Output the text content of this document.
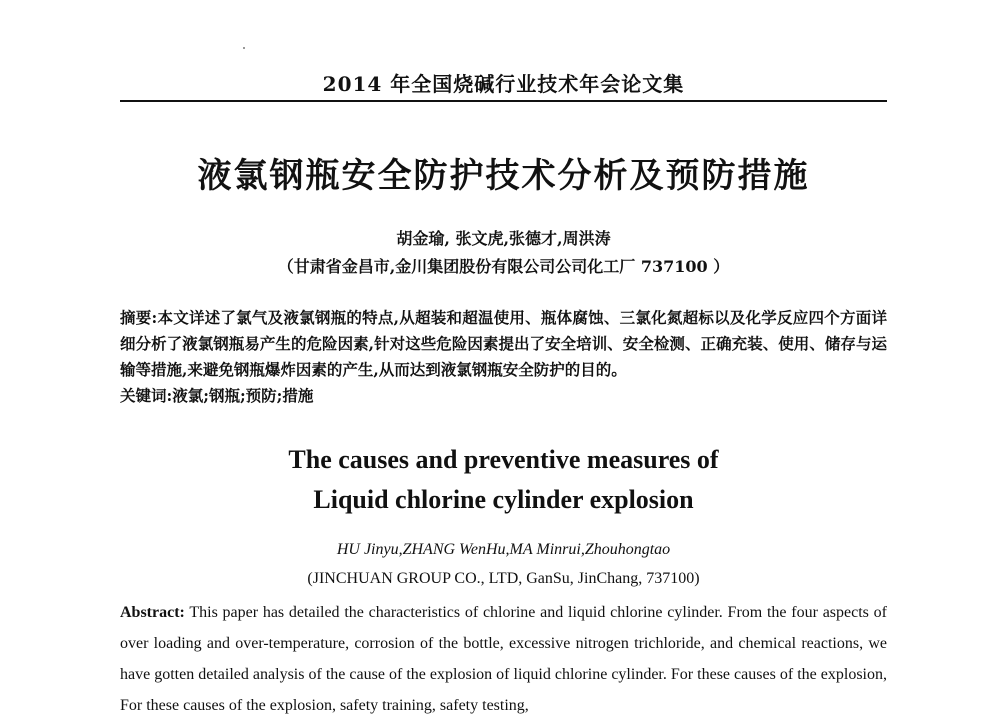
2014 年全国烧碱行业技术年会论文集
液氯钢瓶安全防护技术分析及预防措施
胡金瑜, 张文虎,张德才,周洪涛
（甘肃省金昌市,金川集团股份有限公司公司化工厂 737100 ）
摘要:本文详述了氯气及液氯钢瓶的特点,从超装和超温使用、瓶体腐蚀、三氯化氮超标以及化学反应四个方面详细分析了液氯钢瓶易产生的危险因素,针对这些危险因素提出了安全培训、安全检测、正确充装、使用、储存与运输等措施,来避免钢瓶爆炸因素的产生,从而达到液氯钢瓶安全防护的目的。
关键词:液氯;钢瓶;预防;措施
The causes and preventive measures of
Liquid chlorine cylinder explosion
HU Jinyu,ZHANG WenHu,MA Minrui,Zhouhongtao
(JINCHUAN GROUP CO., LTD, GanSu, JinChang, 737100)
Abstract: This paper has detailed the characteristics of chlorine and liquid chlorine cylinder. From the four aspects of over loading and over-temperature, corrosion of the bottle, excessive nitrogen trichloride, and chemical reactions, we have gotten detailed analysis of the cause of the explosion of liquid chlorine cylinder. For these causes of the explosion, For these causes of the explosion, safety training, safety testing,
